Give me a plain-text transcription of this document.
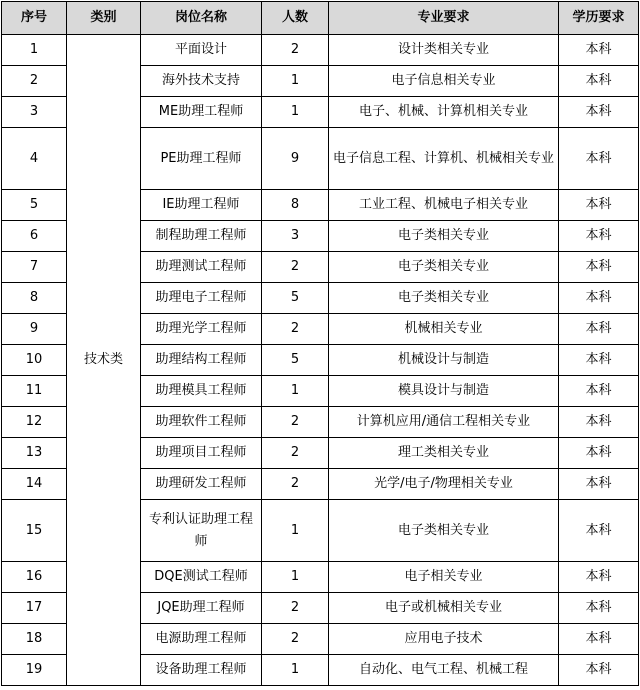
序号	类别	岗位名称	人数	专业要求	学历要求
1	技术类	平面设计	2	设计类相关专业	本科
2		海外技术支持	1	电子信息相关专业	本科
3		ME助理工程师	1	电子、机械、计算机相关专业	本科
4		PE助理工程师	9	电子信息工程、计算机、机械相关专业	本科
5		IE助理工程师	8	工业工程、机械电子相关专业	本科
6		制程助理工程师	3	电子类相关专业	本科
7		助理测试工程师	2	电子类相关专业	本科
8		助理电子工程师	5	电子类相关专业	本科
9		助理光学工程师	2	机械相关专业	本科
10		助理结构工程师	5	机械设计与制造	本科
11		助理模具工程师	1	模具设计与制造	本科
12		助理软件工程师	2	计算机应用/通信工程相关专业	本科
13		助理项目工程师	2	理工类相关专业	本科
14		助理研发工程师	2	光学/电子/物理相关专业	本科
15		专利认证助理工程师	1	电子类相关专业	本科
16		DQE测试工程师	1	电子相关专业	本科
17		JQE助理工程师	2	电子或机械相关专业	本科
18		电源助理工程师	2	应用电子技术	本科
19		设备助理工程师	1	自动化、电气工程、机械工程	本科
